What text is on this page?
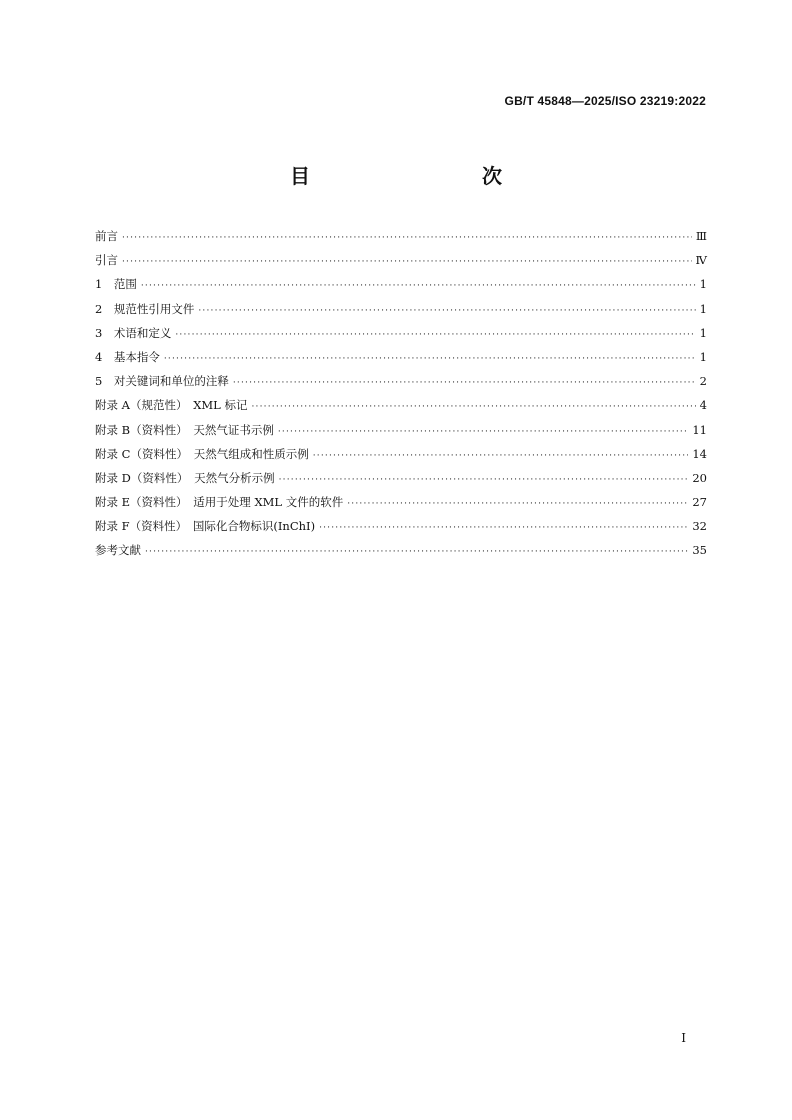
GB/T 45848—2025/ISO 23219:2022
目　　次
前言 ·····	Ⅲ
引言 ·····	Ⅳ
1　范围 ·····	1
2　规范性引用文件 ·····	1
3　术语和定义 ·····	1
4　基本指令 ·····	1
5　对关键词和单位的注释 ·····	2
附录 A（规范性）　XML 标记 ·····	4
附录 B（资料性）　天然气证书示例 ·····	11
附录 C（资料性）　天然气组成和性质示例 ·····	14
附录 D（资料性）　天然气分析示例 ·····	20
附录 E（资料性）　适用于处理 XML 文件的软件 ·····	27
附录 F（资料性）　国际化合物标识(InChI) ·····	32
参考文献 ·····	35
I
